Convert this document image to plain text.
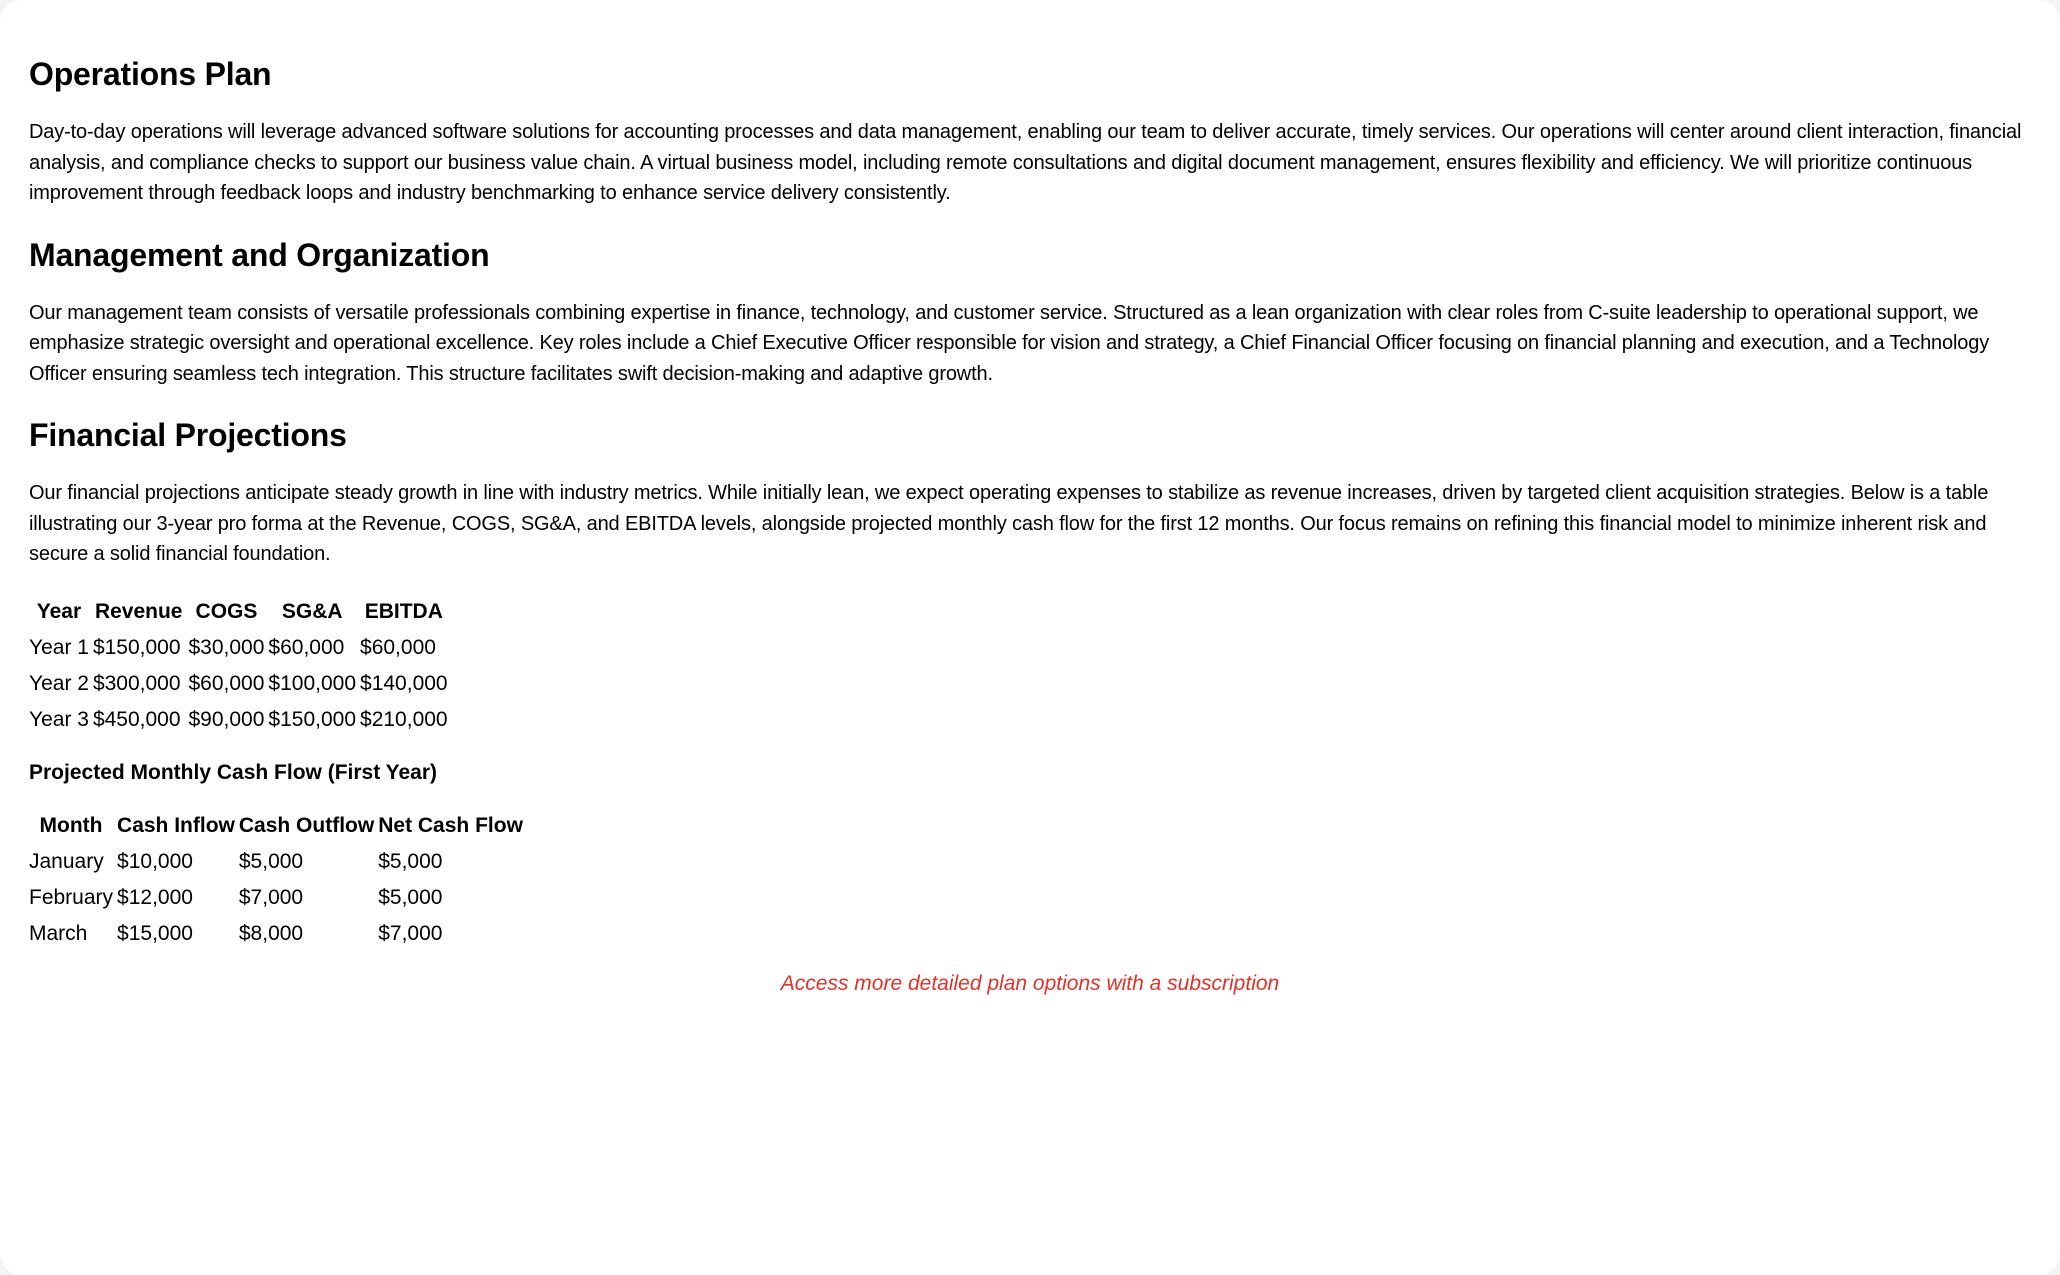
Operations Plan

Day-to-day operations will leverage advanced software solutions for accounting processes and data management, enabling our team to deliver accurate, timely services. Our operations will center around client interaction, financial analysis, and compliance checks to support our business value chain. A virtual business model, including remote consultations and digital document management, ensures flexibility and efficiency. We will prioritize continuous improvement through feedback loops and industry benchmarking to enhance service delivery consistently.

Management and Organization

Our management team consists of versatile professionals combining expertise in finance, technology, and customer service. Structured as a lean organization with clear roles from C-suite leadership to operational support, we emphasize strategic oversight and operational excellence. Key roles include a Chief Executive Officer responsible for vision and strategy, a Chief Financial Officer focusing on financial planning and execution, and a Technology Officer ensuring seamless tech integration. This structure facilitates swift decision-making and adaptive growth.

Financial Projections

Our financial projections anticipate steady growth in line with industry metrics. While initially lean, we expect operating expenses to stabilize as revenue increases, driven by targeted client acquisition strategies. Below is a table illustrating our 3-year pro forma at the Revenue, COGS, SG&A, and EBITDA levels, alongside projected monthly cash flow for the first 12 months. Our focus remains on refining this financial model to minimize inherent risk and secure a solid financial foundation.

Year	Revenue	COGS	SG&A	EBITDA
Year 1	$150,000	$30,000	$60,000	$60,000
Year 2	$300,000	$60,000	$100,000	$140,000
Year 3	$450,000	$90,000	$150,000	$210,000
Projected Monthly Cash Flow (First Year)
Month	Cash Inflow	Cash Outflow	Net Cash Flow
January	$10,000	$5,000	$5,000
February	$12,000	$7,000	$5,000
March	$15,000	$8,000	$7,000
Access more detailed plan options with a subscription
